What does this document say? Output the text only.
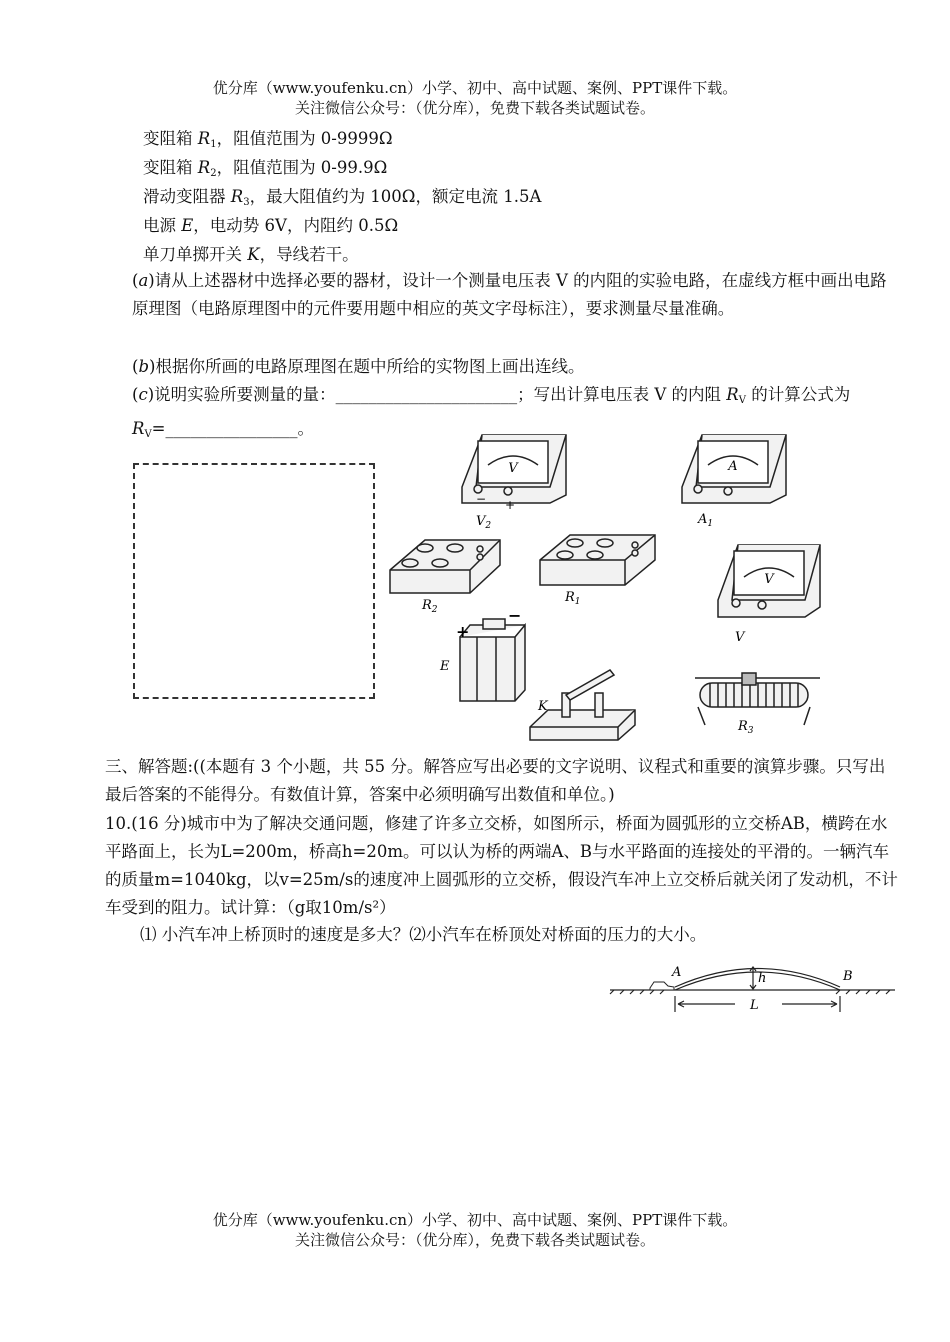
优分库（www.youfenku.cn）小学、初中、高中试题、案例、PPT课件下载。
关注微信公众号：（优分库），免费下载各类试题试卷。
变阻箱 $R_1$，阻值范围为 0-9999Ω
变阻箱 $R_2$，阻值范围为 0-99.9Ω
滑动变阻器 $R_3$，最大阻值约为 100Ω，额定电流 1.5A
电源 E，电动势 6V，内阻约 0.5Ω
单刀单掷开关 K，导线若干。
(a)请从上述器材中选择必要的器材，设计一个测量电压表 V 的内阻的实验电路，在虚线方框中画出电路原理图（电路原理图中的元件要用题中相应的英文字母标注），要求测量尽量准确。
(b)根据你所画的电路原理图在题中所给的实物图上画出连线。
(c)说明实验所要测量的量：______________________；写出计算电压表 V 的内阻 $R_V$ 的计算公式为 $R_V=\_\_\_\_\_\_\_\_\_\_\_\_\_\_\_\_$。
V	A
V
− +
+
−
$V_2$	$A_1$
$R_2$
$R_1$
V
E
K
$R_3$
三、解答题:((本题有 3 个小题，共 55 分。解答应写出必要的文字说明、议程式和重要的演算步骤。只写出最后答案的不能得分。有数值计算，答案中必须明确写出数值和单位。)
10.(16 分)城市中为了解决交通问题，修建了许多立交桥，如图所示，桥面为圆弧形的立交桥AB，横跨在水平路面上，长为L=200m，桥高h=20m。可以认为桥的两端A、B与水平路面的连接处的平滑的。一辆汽车的质量m=1040kg，以v=25m/s的速度冲上圆弧形的立交桥，假设汽车冲上立交桥后就关闭了发动机，不计车受到的阻力。试计算：（g取10m/s²）
⑴ 小汽车冲上桥顶时的速度是多大？⑵小汽车在桥顶处对桥面的压力的大小。
A	B
h
L
优分库（www.youfenku.cn）小学、初中、高中试题、案例、PPT课件下载。
关注微信公众号：（优分库），免费下载各类试题试卷。
